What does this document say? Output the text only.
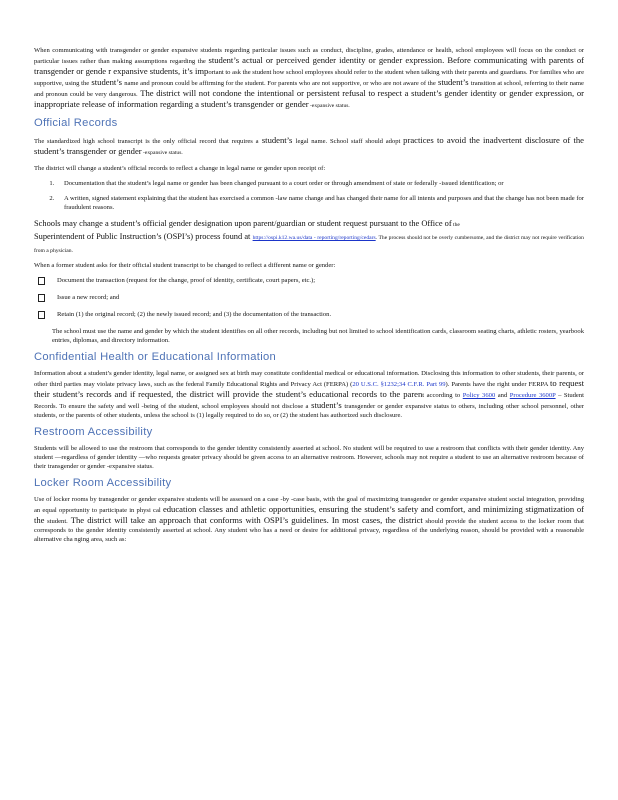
When communicating with transgender or gender expansive students regarding particular issues such as conduct, discipline, grades, attendance or health, school employees will focus on the conduct or particular issues rather than making assumptions regarding the student’s actual or perceived gender identity or gender expression. Before communicating with parents of transgender or gende r expansive students, it’s important to ask the student how school employees should refer to the student when talking with their parents and guardians. For families who are supportive, using the student’s name and pronoun could be affirming for the student. For parents who are not supportive, or who are not aware of the student’s transition at school, referring to their name and pronoun could be very dangerous. The district will not condone the intentional or persistent refusal to respect a student’s gender identity or gender expression, or inappropriate release of information regarding a student’s transgender or gender -expansive status.

Official Records

The standardized high school transcript is the only official record that requires a student’s legal name. School staff should adopt practices to avoid the inadvertent disclosure of the student’s transgender or gender -expansive status.

The district will change a student’s official records to reflect a change in legal name or gender upon receipt of:

1. Documentation that the student’s legal name or gender has been changed pursuant to a court order or through amendment of state or federally -issued identification; or
2. A written, signed statement explaining that the student has exercised a common -law name change and has changed their name for all intents and purposes and that the change has not been made for fraudulent reasons.

Schools may change a student’s official gender designation upon parent/guardian or student request pursuant to the Office of the
Superintendent of Public Instruction’s (OSPI’s) process found at https://ospi.k12.wa.us/data - reporting/reporting/cedars. The process should not be overly cumbersome, and the district may not require verification from a physician.

When a former student asks for their official student transcript to be changed to reflect a different name or gender:

Document the transaction (request for the change, proof of identity, certificate, court papers, etc.);
Issue a new record; and
Retain (1) the original record; (2) the newly issued record; and (3) the documentation of the transaction.

The school must use the name and gender by which the student identifies on all other records, including but not limited to school identification cards, classroom seating charts, athletic rosters, yearbook entries, diplomas, and directory information.

Confidential Health or Educational Information

Information about a student’s gender identity, legal name, or assigned sex at birth may constitute confidential medical or educational information. Disclosing this information to other students, their parents, or other third parties may violate privacy laws, such as the federal Family Educational Rights and Privacy Act (FERPA) (20 U.S.C. §1232;34 C.F.R. Part 99). Parents have the right under FERPA to request their student’s records and if requested, the district will provide the student’s educational records to the parent according to Policy 3600 and Procedure 3600P – Student Records. To ensure the safety and well -being of the student, school employees should not disclose a student’s transgender or gender expansive status to others, including other school personnel, other students, or the parents of other students, unless the school is (1) legally required to do so, or (2) the student has authorized such disclosure.

Restroom Accessibility

Students will be allowed to use the restroom that corresponds to the gender identity consistently asserted at school. No student will be required to use a restroom that conflicts with their gender identity. Any student —regardless of gender identity —who requests greater privacy should be given access to an alternative restroom. However, schools may not require a student to use an alternative restroom because of their transgender or gender -expansive status.

Locker Room Accessibility

Use of locker rooms by transgender or gender expansive students will be assessed on a case -by -case basis, with the goal of maximizing transgender or gender expansive student social integration, providing an equal opportunity to participate in physi cal education classes and athletic opportunities, ensuring the student’s safety and comfort, and minimizing stigmatization of the student. The district will take an approach that conforms with OSPI’s guidelines. In most cases, the district should provide the student access to the locker room that corresponds to the gender identity consistently asserted at school. Any student who has a need or desire for additional privacy, regardless of the underlying reason, should be provided with a reasonable alternative cha nging area, such as:
